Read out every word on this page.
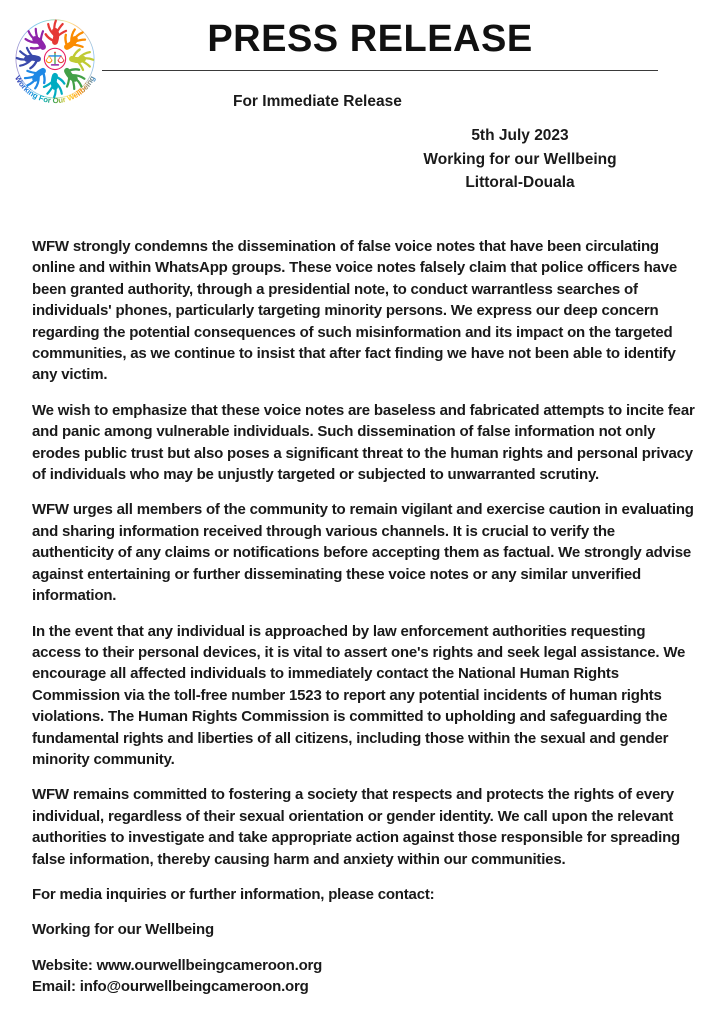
Working For Our Wellbeing
PRESS RELEASE
For Immediate Release
5th July 2023
Working for our Wellbeing
Littoral-Douala

WFW strongly condemns the dissemination of false voice notes that have been circulating online and within WhatsApp groups. These voice notes falsely claim that police officers have been granted authority, through a presidential note, to conduct warrantless searches of individuals' phones, particularly targeting minority persons. We express our deep concern regarding the potential consequences of such misinformation and its impact on the targeted communities, as we continue to insist that after fact finding we have not been able to identify any victim.

We wish to emphasize that these voice notes are baseless and fabricated attempts to incite fear and panic among vulnerable individuals. Such dissemination of false information not only erodes public trust but also poses a significant threat to the human rights and personal privacy of individuals who may be unjustly targeted or subjected to unwarranted scrutiny.

WFW urges all members of the community to remain vigilant and exercise caution in evaluating and sharing information received through various channels. It is crucial to verify the authenticity of any claims or notifications before accepting them as factual. We strongly advise against entertaining or further disseminating these voice notes or any similar unverified information.

In the event that any individual is approached by law enforcement authorities requesting access to their personal devices, it is vital to assert one's rights and seek legal assistance. We encourage all affected individuals to immediately contact the National Human Rights Commission via the toll-free number 1523 to report any potential incidents of human rights violations. The Human Rights Commission is committed to upholding and safeguarding the fundamental rights and liberties of all citizens, including those within the sexual and gender minority community.

WFW remains committed to fostering a society that respects and protects the rights of every individual, regardless of their sexual orientation or gender identity. We call upon the relevant authorities to investigate and take appropriate action against those responsible for spreading false information, thereby causing harm and anxiety within our communities.

For media inquiries or further information, please contact:

Working for our Wellbeing

Website: www.ourwellbeingcameroon.org

Email: info@ourwellbeingcameroon.org
